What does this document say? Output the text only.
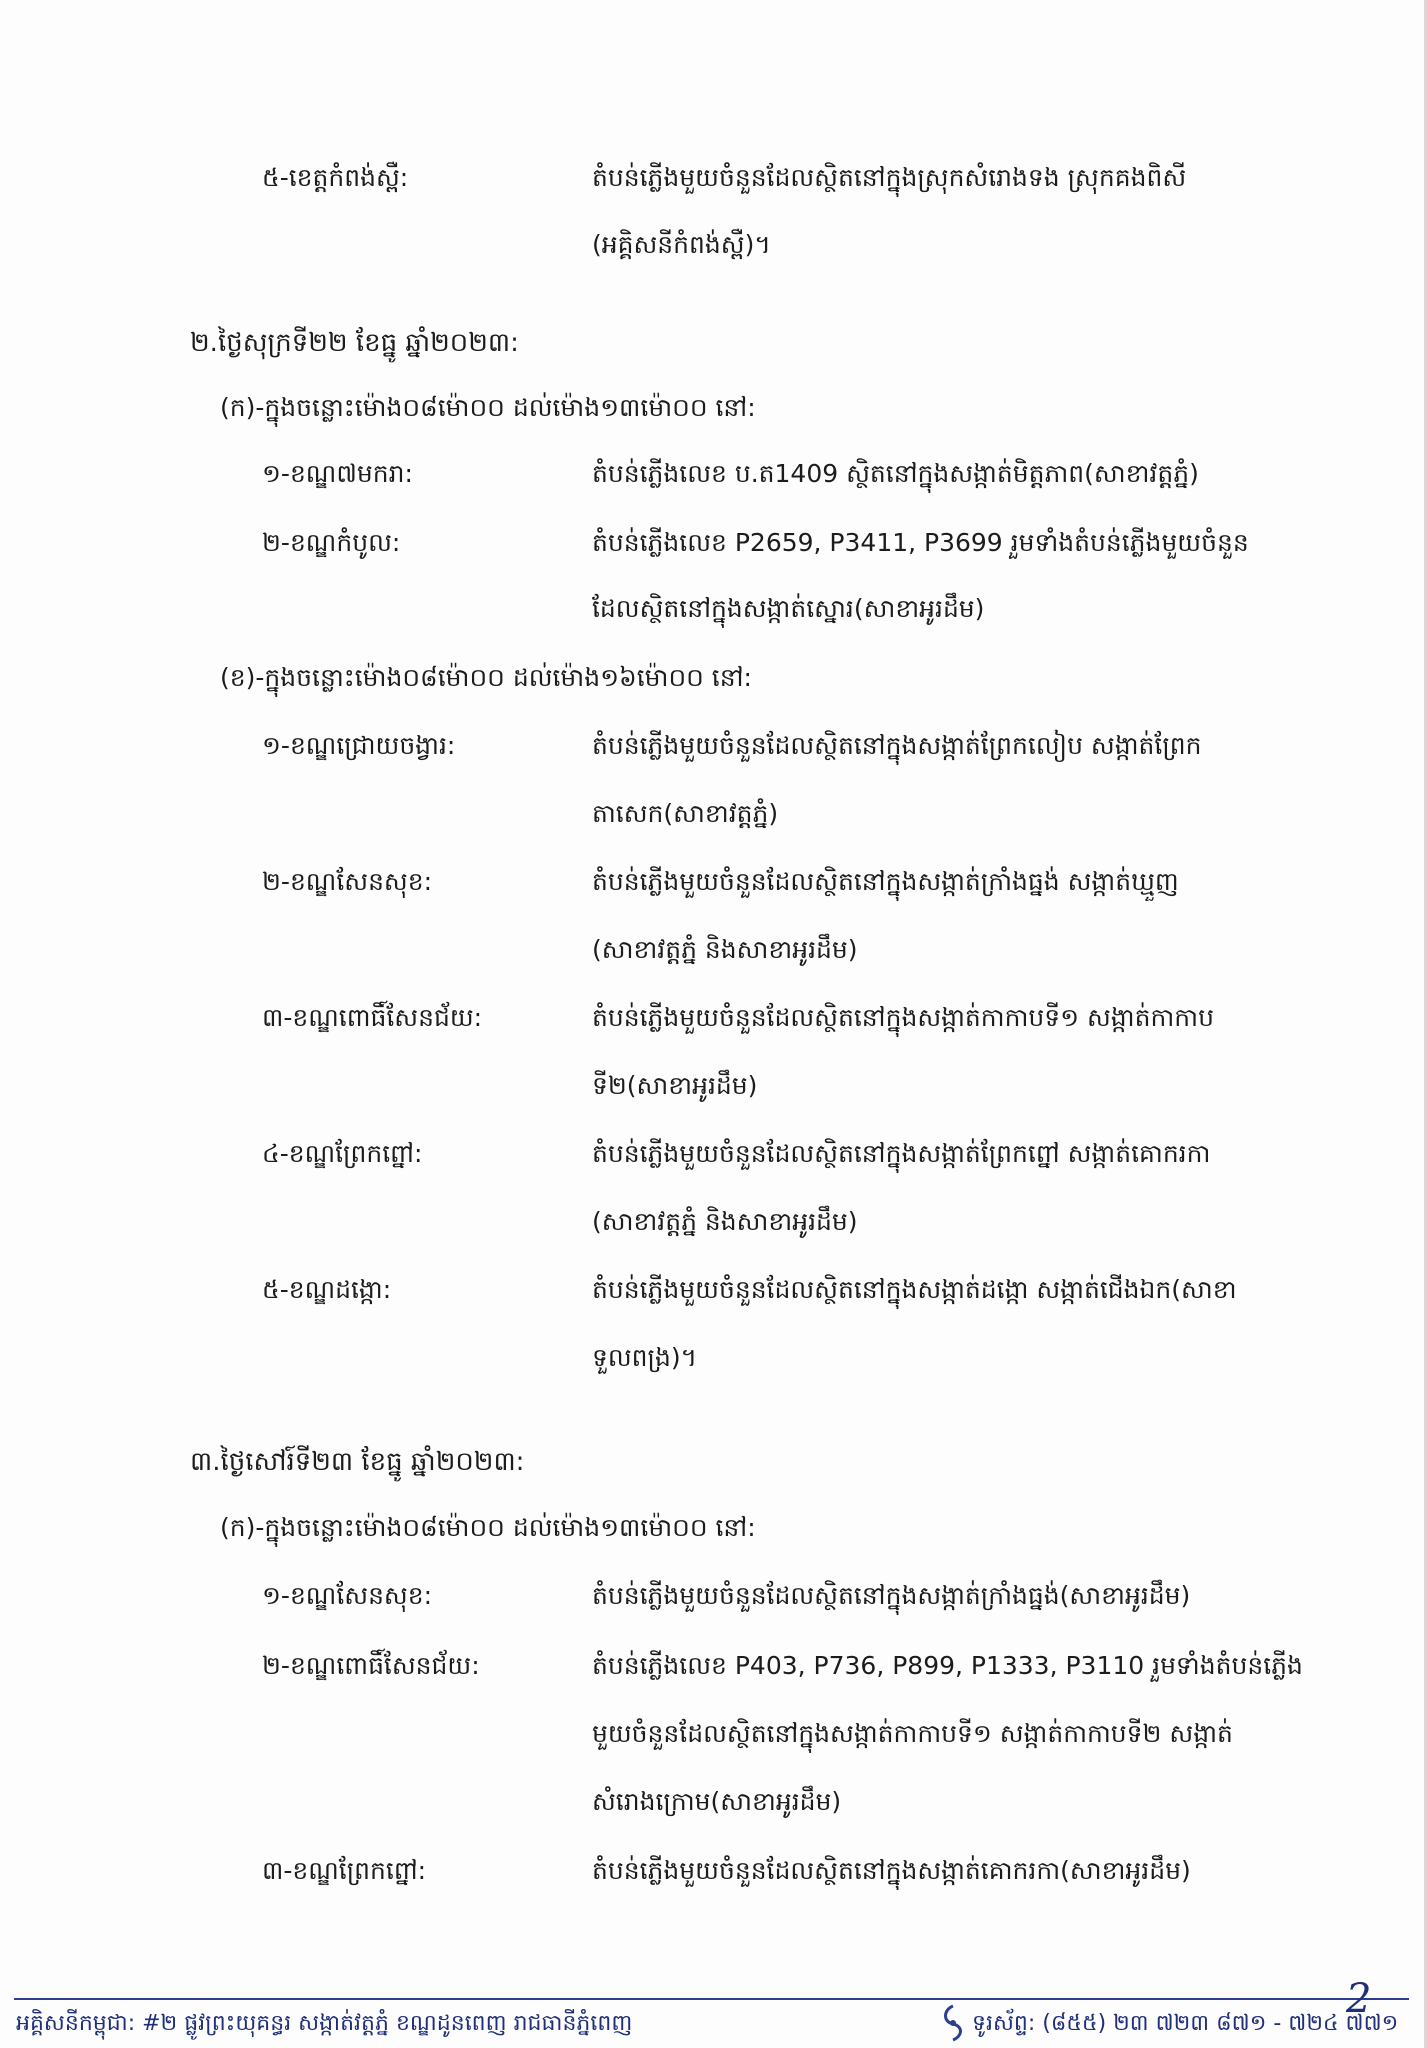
៥-ខេត្តកំពង់ស្ពឺ:	តំបន់ភ្លើងមួយចំនួនដែលស្ថិតនៅក្នុងស្រុកសំរោងទង ស្រុកគងពិសី
(អគ្គិសនីកំពង់ស្ពឺ)។
២.ថ្ងៃសុក្រទី២២ ខែធ្នូ ឆ្នាំ២០២៣:
(ក)-ក្នុងចន្លោះម៉ោង០៨ម៉ោ០០ ដល់ម៉ោង១៣ម៉ោ០០ នៅ:
១-ខណ្ឌ៧មករា:	តំបន់ភ្លើងលេខ ប.ត1409 ស្ថិតនៅក្នុងសង្កាត់មិត្តភាព(សាខាវត្តភ្នំ)
២-ខណ្ឌកំបូល:	តំបន់ភ្លើងលេខ P2659, P3411, P3699 រួមទាំងតំបន់ភ្លើងមួយចំនួន
ដែលស្ថិតនៅក្នុងសង្កាត់ស្នោរ(សាខាអូរដឹម)
(ខ)-ក្នុងចន្លោះម៉ោង០៨ម៉ោ០០ ដល់ម៉ោង១៦ម៉ោ០០ នៅ:
១-ខណ្ឌជ្រោយចង្វារ:	តំបន់ភ្លើងមួយចំនួនដែលស្ថិតនៅក្នុងសង្កាត់ព្រែកលៀប សង្កាត់ព្រែក
តាសេក(សាខាវត្តភ្នំ)
២-ខណ្ឌសែនសុខ:	តំបន់ភ្លើងមួយចំនួនដែលស្ថិតនៅក្នុងសង្កាត់ក្រាំងធ្នង់ សង្កាត់ឃ្មួញ
(សាខាវត្តភ្នំ និងសាខាអូរដឹម)
៣-ខណ្ឌពោធិ៍សែនជ័យ:	តំបន់ភ្លើងមួយចំនួនដែលស្ថិតនៅក្នុងសង្កាត់កាកាបទី១ សង្កាត់កាកាប
ទី២(សាខាអូរដឹម)
៤-ខណ្ឌព្រែកព្នៅ:	តំបន់ភ្លើងមួយចំនួនដែលស្ថិតនៅក្នុងសង្កាត់ព្រែកព្នៅ សង្កាត់គោករកា
(សាខាវត្តភ្នំ និងសាខាអូរដឹម)
៥-ខណ្ឌដង្កោ:	តំបន់ភ្លើងមួយចំនួនដែលស្ថិតនៅក្នុងសង្កាត់ដង្កោ សង្កាត់ជើងឯក(សាខា
ទួលពង្រ)។
៣.ថ្ងៃសៅរ៍ទី២៣ ខែធ្នូ ឆ្នាំ២០២៣:
(ក)-ក្នុងចន្លោះម៉ោង០៨ម៉ោ០០ ដល់ម៉ោង១៣ម៉ោ០០ នៅ:
១-ខណ្ឌសែនសុខ:	តំបន់ភ្លើងមួយចំនួនដែលស្ថិតនៅក្នុងសង្កាត់ក្រាំងធ្នង់(សាខាអូរដឹម)
២-ខណ្ឌពោធិ៍សែនជ័យ:	តំបន់ភ្លើងលេខ P403, P736, P899, P1333, P3110 រួមទាំងតំបន់ភ្លើង
មួយចំនួនដែលស្ថិតនៅក្នុងសង្កាត់កាកាបទី១ សង្កាត់កាកាបទី២ សង្កាត់
សំរោងក្រោម(សាខាអូរដឹម)
៣-ខណ្ឌព្រែកព្នៅ:	តំបន់ភ្លើងមួយចំនួនដែលស្ថិតនៅក្នុងសង្កាត់គោករកា(សាខាអូរដឹម)
អគ្គិសនីកម្ពុជា: #២ ផ្លូវព្រះយុគន្ធរ សង្កាត់វត្តភ្នំ ខណ្ឌដូនពេញ រាជធានីភ្នំពេញ	ទូរស័ព្ទ: (៨៥៥) ២៣ ៧២៣ ៨៧១ - ៧២៤ ៧៧១
2
